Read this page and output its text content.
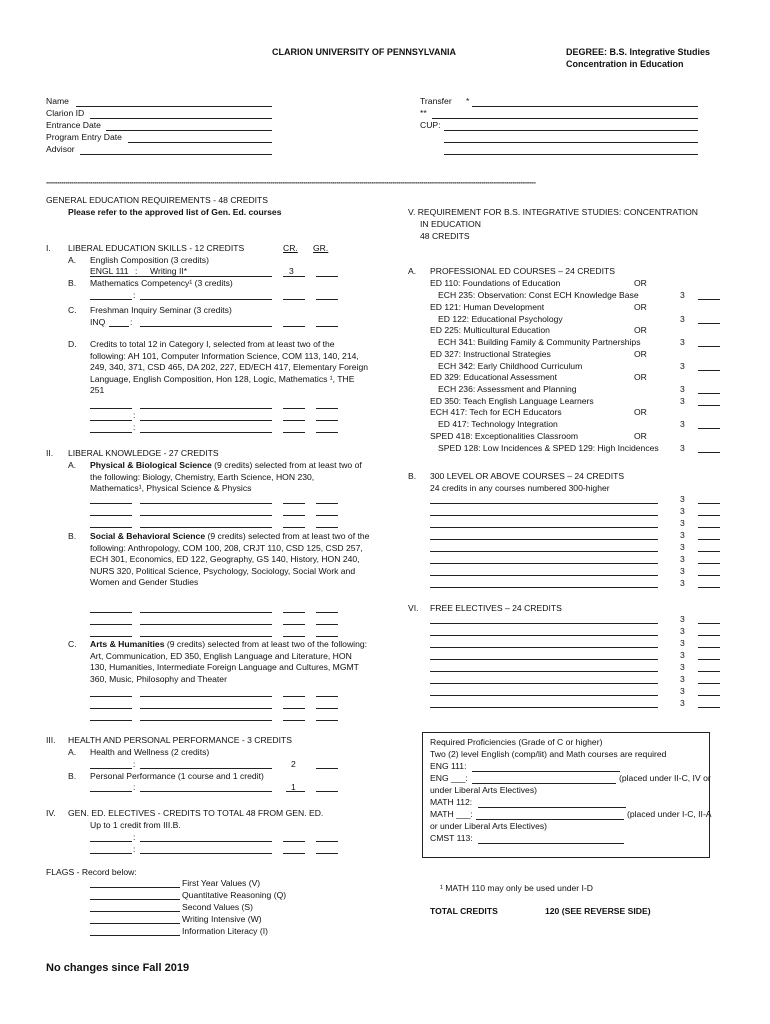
CLARION UNIVERSITY OF PENNSYLVANIA	DEGREE: B.S. Integrative Studies
Concentration in Education
Name
Clarion ID
Entrance Date
Program Entry Date
Advisor
Transfer *
**
CUP:
*************************************************************************************************************************************************************************************************************************************************************
GENERAL EDUCATION REQUIREMENTS - 48 CREDITS
Please refer to the approved list of Gen. Ed. courses
I. LIBERAL EDUCATION SKILLS - 12 CREDITS	CR. GR.
A. English Composition (3 credits)
ENGL 111 : Writing II*	3
B. Mathematics Competency¹ (3 credits)
:
C. Freshman Inquiry Seminar (3 credits)
INQ	:
D. Credits to total 12 in Category I, selected from at least two of the following: AH 101, Computer Information Science, COM 113, 140, 214, 249, 340, 371, CSD 465, DA 202, 227, ED/ECH 417, Elementary Foreign Language, English Composition, Hon 128, Logic, Mathematics ¹, THE 251
:
:
II. LIBERAL KNOWLEDGE - 27 CREDITS
A. Physical & Biological Science (9 credits) selected from at least two of the following: Biology, Chemistry, Earth Science, HON 230, Mathematics¹, Physical Science & Physics
B. Social & Behavioral Science (9 credits) selected from at least two of the following: Anthropology, COM 100, 208, CRJT 110, CSD 125, CSD 257, ECH 301, Economics, ED 122, Geography, GS 140, History, HON 240, NURS 320, Political Science, Psychology, Sociology, Social Work and Women and Gender Studies
C. Arts & Humanities (9 credits) selected from at least two of the following: Art, Communication, ED 350, English Language and Literature, HON 130, Humanities, Intermediate Foreign Language and Cultures, MGMT 360, Music, Philosophy and Theater
III. HEALTH AND PERSONAL PERFORMANCE - 3 CREDITS
A. Health and Wellness (2 credits)
:	2
B. Personal Performance (1 course and 1 credit)
:	1
IV. GEN. ED. ELECTIVES - CREDITS TO TOTAL 48 FROM GEN. ED.
Up to 1 credit from III.B.
:
:
FLAGS - Record below:
First Year Values (V)
Quantitative Reasoning (Q)
Second Values (S)
Writing Intensive (W)
Information Literacy (I)
No changes since Fall 2019
V. REQUIREMENT FOR B.S. INTEGRATIVE STUDIES: CONCENTRATION
IN EDUCATION
48 CREDITS
A. PROFESSIONAL ED COURSES – 24 CREDITS
ED 110: Foundations of Education	OR
ECH 235: Observation: Const ECH Knowledge Base	3
ED 121: Human Development	OR
ED 122: Educational Psychology	3
ED 225: Multicultural Education	OR
ECH 341: Building Family & Community Partnerships	3
ED 327: Instructional Strategies	OR
ECH 342: Early Childhood Curriculum	3
ED 329: Educational Assessment	OR
ECH 236: Assessment and Planning	3
ED 350: Teach English Language Learners	3
ECH 417: Tech for ECH Educators	OR
ED 417: Technology Integration	3
SPED 418: Exceptionalities Classroom	OR
SPED 128: Low Incidences & SPED 129: High Incidences 3
B. 300 LEVEL OR ABOVE COURSES – 24 CREDITS
24 credits in any courses numbered 300-higher
3
3
3
3
3
3
3
3
VI. FREE ELECTIVES – 24 CREDITS
3
3
3
3
3
3
3
3
Required Proficiencies (Grade of C or higher)
Two (2) level English (comp/lit) and Math courses are required
ENG 111:
ENG ___:	(placed under II-C, IV or
under Liberal Arts Electives)
MATH 112:
MATH ___:	(placed under I-C, II-A
or under Liberal Arts Electives)
CMST 113:
¹ MATH 110 may only be used under I-D
TOTAL CREDITS	120 (SEE REVERSE SIDE)
